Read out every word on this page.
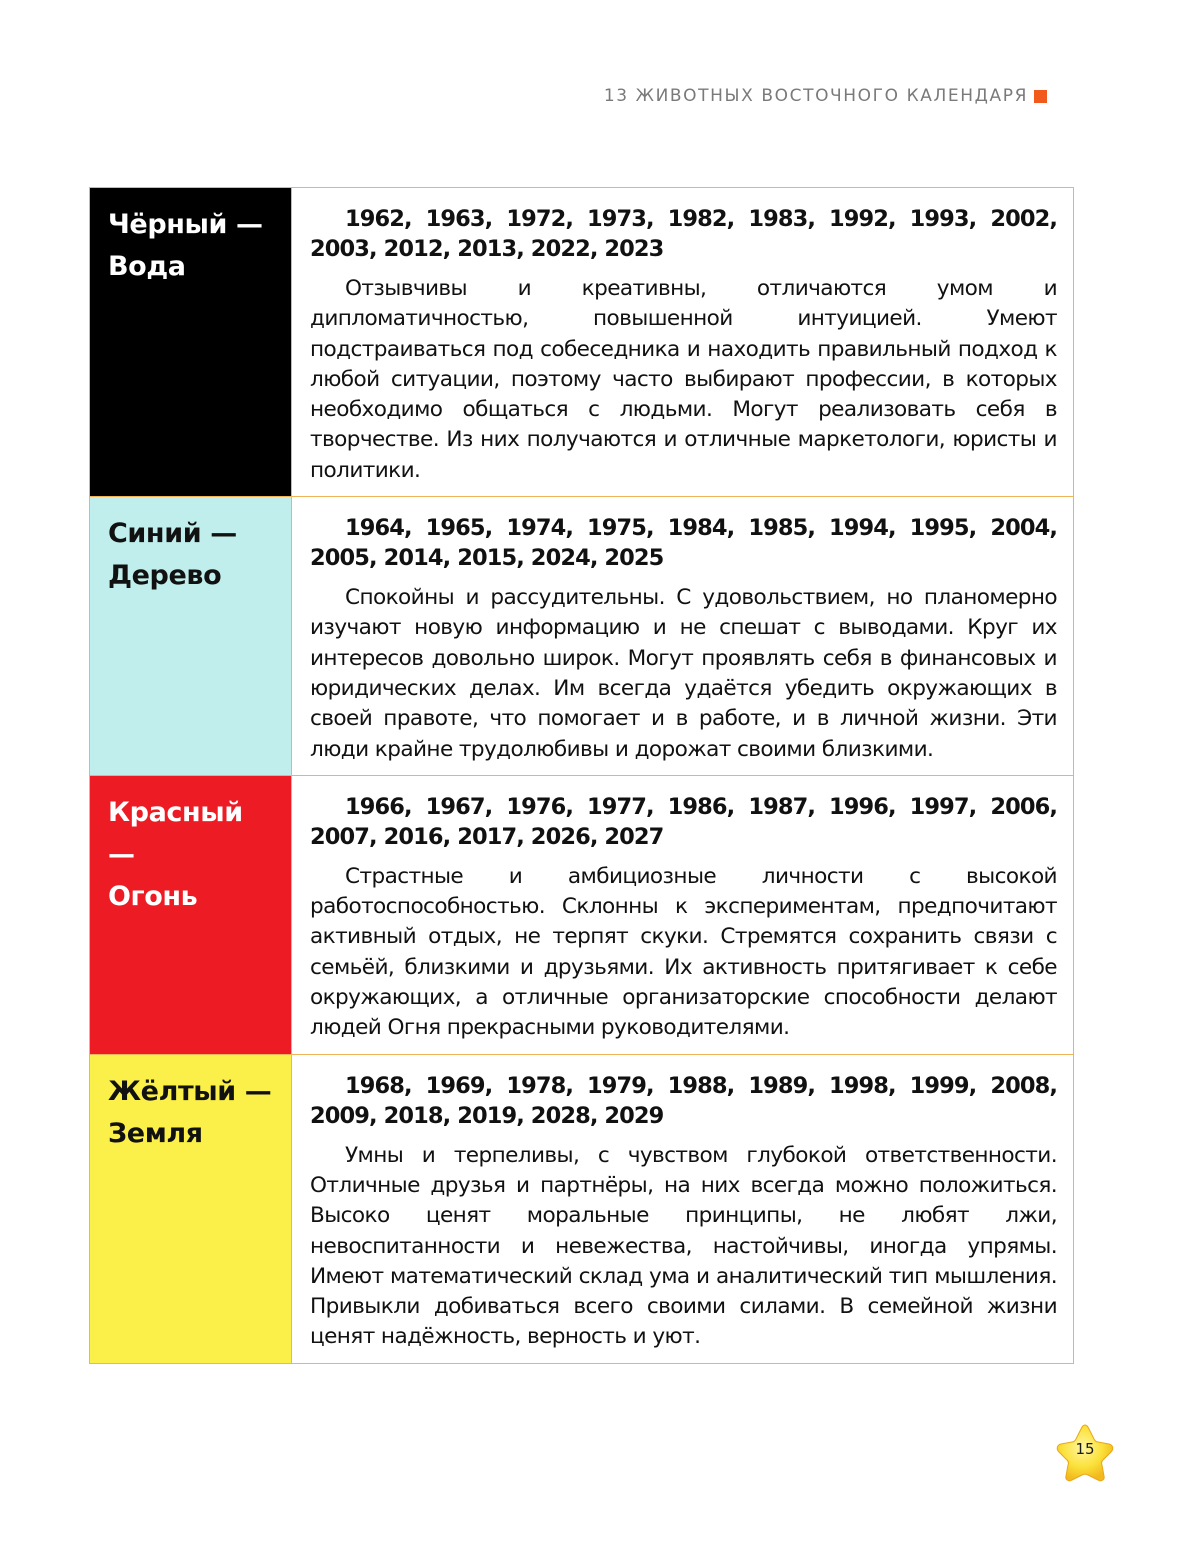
13 ЖИВОТНЫХ ВОСТОЧНОГО КАЛЕНДАРЯ
Чёрный —
Вода

1962, 1963, 1972, 1973, 1982, 1983, 1992, 1993, 2002, 2003, 2012, 2013, 2022, 2023

Отзывчивы и креативны, отличаются умом и дипломатичностью, повышенной интуицией. Умеют подстраиваться под собеседника и находить правильный подход к любой ситуации, поэтому часто выбирают профессии, в которых необходимо общаться с людьми. Могут реализовать себя в творчестве. Из них получаются и отличные маркетологи, юристы и политики.

Синий —
Дерево

1964, 1965, 1974, 1975, 1984, 1985, 1994, 1995, 2004, 2005, 2014, 2015, 2024, 2025

Спокойны и рассудительны. С удовольствием, но планомерно изучают новую информацию и не спешат с выводами. Круг их интересов довольно широк. Могут проявлять себя в финансовых и юридических делах. Им всегда удаётся убедить окружающих в своей правоте, что помогает и в работе, и в личной жизни. Эти люди крайне трудолюбивы и дорожат своими близкими.

Красный —
Огонь

1966, 1967, 1976, 1977, 1986, 1987, 1996, 1997, 2006, 2007, 2016, 2017, 2026, 2027

Страстные и амбициозные личности с высокой работоспособностью. Склонны к экспериментам, предпочитают активный отдых, не терпят скуки. Стремятся сохранить связи с семьёй, близкими и друзьями. Их активность притягивает к себе окружающих, а отличные организаторские способности делают людей Огня прекрасными руководителями.

Жёлтый —
Земля

1968, 1969, 1978, 1979, 1988, 1989, 1998, 1999, 2008, 2009, 2018, 2019, 2028, 2029

Умны и терпеливы, с чувством глубокой ответственности. Отличные друзья и партнёры, на них всегда можно положиться. Высоко ценят моральные принципы, не любят лжи, невоспитанности и невежества, настойчивы, иногда упрямы. Имеют математический склад ума и аналитический тип мышления. Привыкли добиваться всего своими силами. В семейной жизни ценят надёжность, верность и уют.

15
